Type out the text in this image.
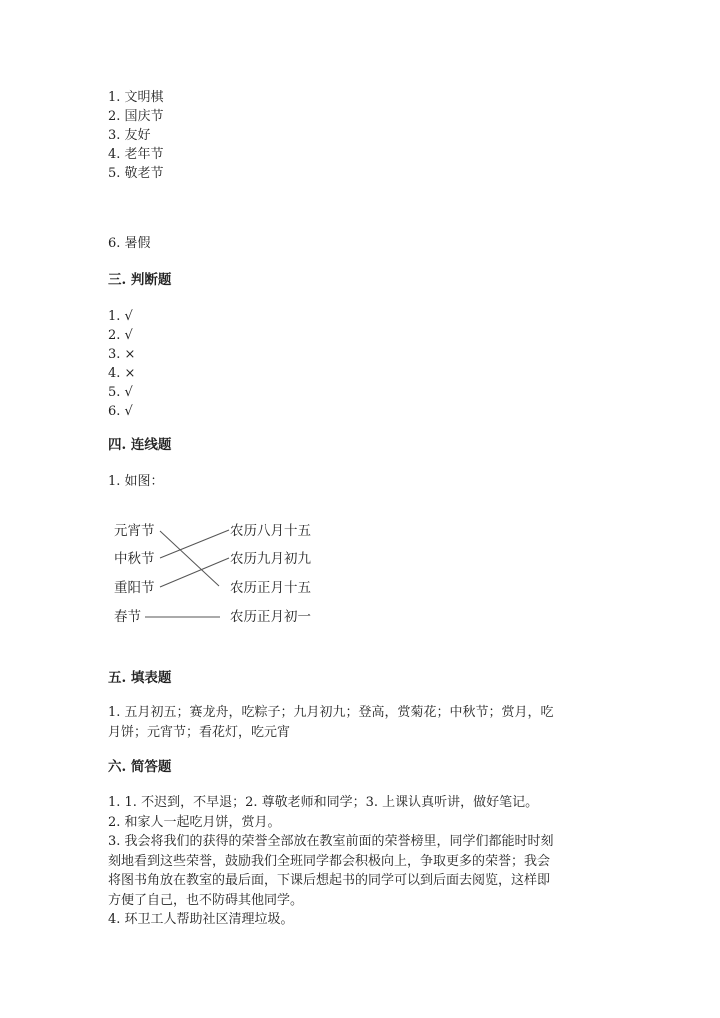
1. 文明棋
2. 国庆节
3. 友好
4. 老年节
5. 敬老节
6. 暑假
三. 判断题
1. √
2. √
3. ×
4. ×
5. √
6. √
四. 连线题
1. 如图：
元宵节
中秋节
重阳节
春节
农历八月十五
农历九月初九
农历正月十五
农历正月初一
五. 填表题
1. 五月初五；赛龙舟，吃粽子；九月初九；登高，赏菊花；中秋节；赏月，吃
月饼；元宵节；看花灯，吃元宵
六. 简答题
1. 1. 不迟到，不早退；2. 尊敬老师和同学；3. 上课认真听讲，做好笔记。
2. 和家人一起吃月饼，赏月。
3. 我会将我们的获得的荣誉全部放在教室前面的荣誉榜里，同学们都能时时刻
刻地看到这些荣誉，鼓励我们全班同学都会积极向上，争取更多的荣誉；我会
将图书角放在教室的最后面，下课后想起书的同学可以到后面去阅览，这样即
方便了自己，也不防碍其他同学。
4. 环卫工人帮助社区清理垃圾。
